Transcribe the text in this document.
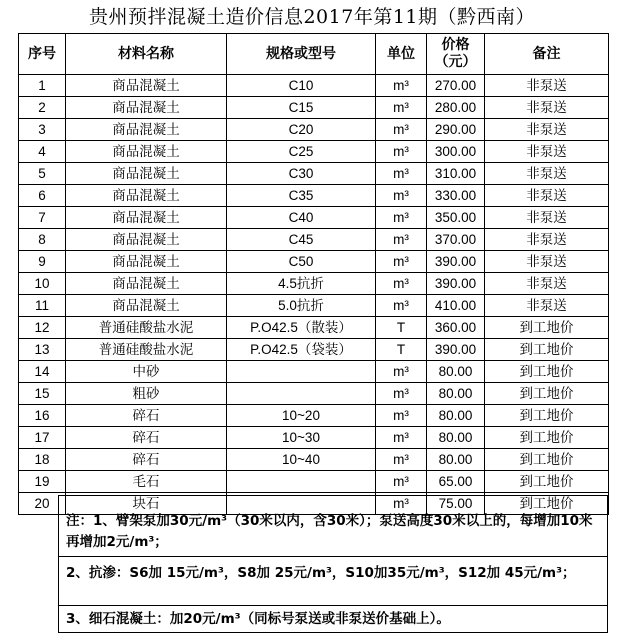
贵州预拌混凝土造价信息2017年第11期（黔西南）
序号	材料名称	规格或型号	单位	价格（元）	备注
1	商品混凝土	C10	m³	270.00	非泵送
2	商品混凝土	C15	m³	280.00	非泵送
3	商品混凝土	C20	m³	290.00	非泵送
4	商品混凝土	C25	m³	300.00	非泵送
5	商品混凝土	C30	m³	310.00	非泵送
6	商品混凝土	C35	m³	330.00	非泵送
7	商品混凝土	C40	m³	350.00	非泵送
8	商品混凝土	C45	m³	370.00	非泵送
9	商品混凝土	C50	m³	390.00	非泵送
10	商品混凝土	4.5抗折	m³	390.00	非泵送
11	商品混凝土	5.0抗折	m³	410.00	非泵送
12	普通硅酸盐水泥	P.O42.5（散装）	T	360.00	到工地价
13	普通硅酸盐水泥	P.O42.5（袋装）	T	390.00	到工地价
14	中砂		m³	80.00	到工地价
15	粗砂		m³	80.00	到工地价
16	碎石	10~20	m³	80.00	到工地价
17	碎石	10~30	m³	80.00	到工地价
18	碎石	10~40	m³	80.00	到工地价
19	毛石		m³	65.00	到工地价
20	块石		m³	75.00	到工地价
注：1、臂架泵加30元/m³（30米以内，含30米）；泵送高度30米以上的，每增加10米再增加2元/m³；
2、抗渗：S6加 15元/m³，S8加 25元/m³，S10加35元/m³，S12加 45元/m³；
3、细石混凝土：加20元/m³（同标号泵送或非泵送价基础上）。
